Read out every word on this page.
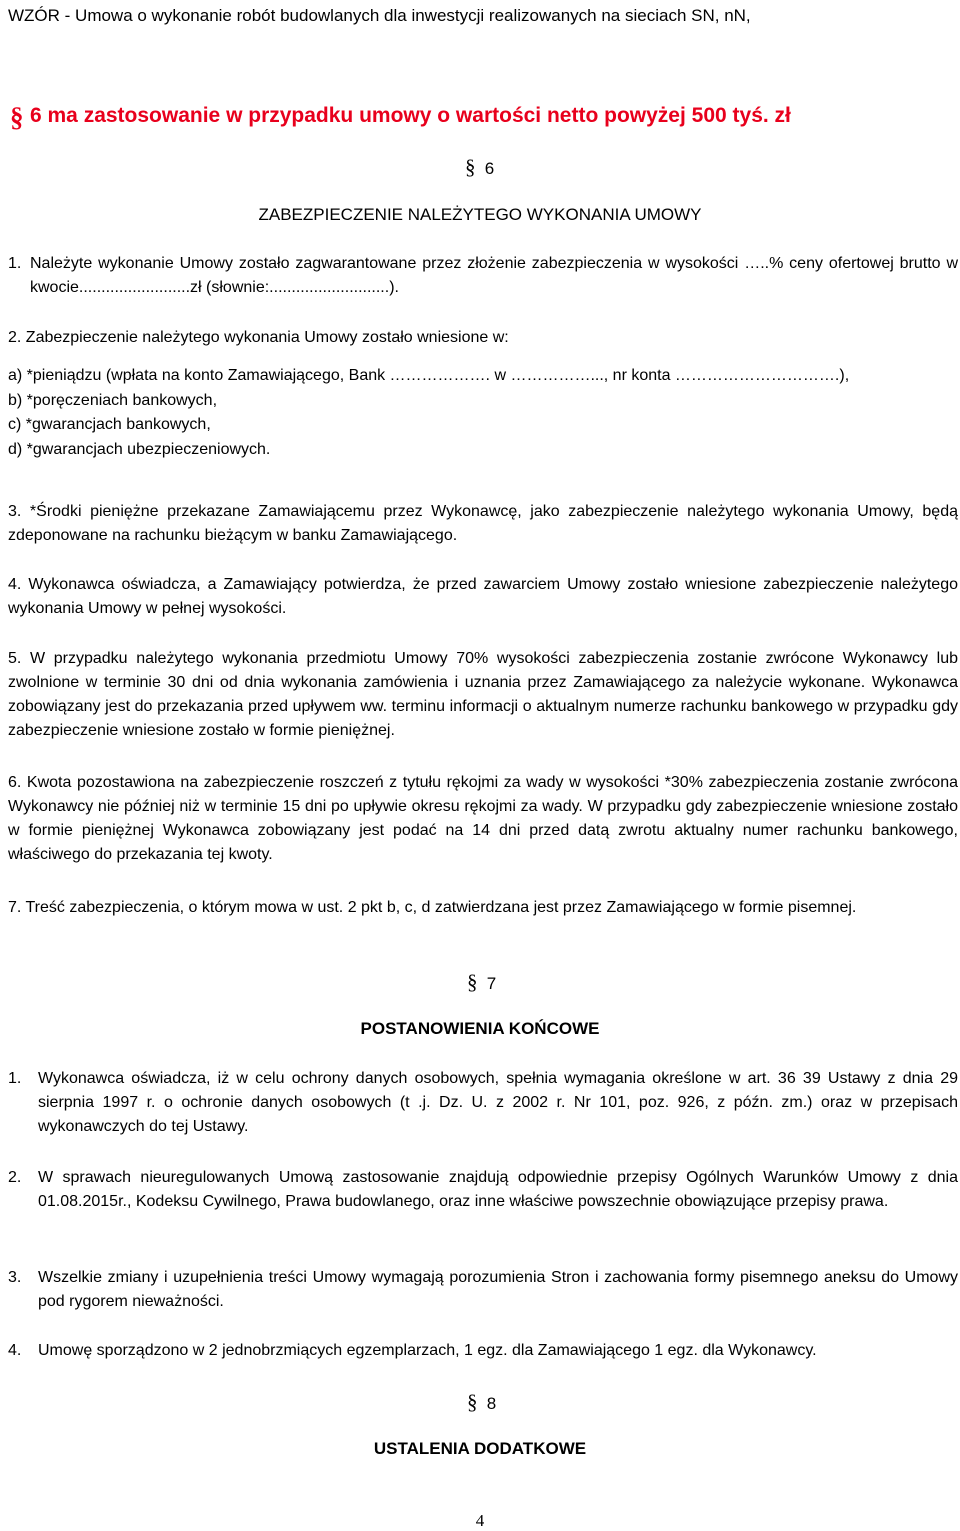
WZÓR - Umowa o wykonanie robót budowlanych dla inwestycji realizowanych na sieciach SN, nN,
§ 6 ma zastosowanie w przypadku umowy o wartości netto powyżej 500 tyś. zł
§ 6
ZABEZPIECZENIE NALEŻYTEGO WYKONANIA UMOWY
1. Należyte wykonanie Umowy zostało zagwarantowane przez złożenie zabezpieczenia w wysokości …..% ceny ofertowej brutto w kwocie.........................zł (słownie:...........................).
2. Zabezpieczenie należytego wykonania Umowy zostało wniesione w:
a) *pieniądzu (wpłata na konto Zamawiającego, Bank ………………. w ……………..., nr konta ………………………….),
b) *poręczeniach bankowych,
c) *gwarancjach bankowych,
d) *gwarancjach ubezpieczeniowych.
3. *Środki pieniężne przekazane Zamawiającemu przez Wykonawcę, jako zabezpieczenie należytego wykonania Umowy, będą zdeponowane na rachunku bieżącym w banku Zamawiającego.
4. Wykonawca oświadcza, a Zamawiający potwierdza, że przed zawarciem Umowy zostało wniesione zabezpieczenie należytego wykonania Umowy w pełnej wysokości.
5. W przypadku należytego wykonania przedmiotu Umowy 70% wysokości zabezpieczenia zostanie zwrócone Wykonawcy lub zwolnione w terminie 30 dni od dnia wykonania zamówienia i uznania przez Zamawiającego za należycie wykonane. Wykonawca zobowiązany jest do przekazania przed upływem ww. terminu informacji o aktualnym numerze rachunku bankowego w przypadku gdy zabezpieczenie wniesione zostało w formie pieniężnej.
6. Kwota pozostawiona na zabezpieczenie roszczeń z tytułu rękojmi za wady w wysokości *30% zabezpieczenia zostanie zwrócona Wykonawcy nie później niż w terminie 15 dni po upływie okresu rękojmi za wady. W przypadku gdy zabezpieczenie wniesione zostało w formie pieniężnej Wykonawca zobowiązany jest podać na 14 dni przed datą zwrotu aktualny numer rachunku bankowego, właściwego do przekazania tej kwoty.
7. Treść zabezpieczenia, o którym mowa w ust. 2 pkt b, c, d zatwierdzana jest przez Zamawiającego w formie pisemnej.
§ 7
POSTANOWIENIA KOŃCOWE
1.	Wykonawca oświadcza, iż w celu ochrony danych osobowych, spełnia wymagania określone w art. 36 39 Ustawy z dnia 29 sierpnia 1997 r. o ochronie danych osobowych (t .j. Dz. U. z 2002 r. Nr 101, poz. 926, z późn. zm.) oraz w przepisach wykonawczych do tej Ustawy.
2.	W sprawach nieuregulowanych Umową zastosowanie znajdują odpowiednie przepisy Ogólnych Warunków Umowy z dnia 01.08.2015r., Kodeksu Cywilnego, Prawa budowlanego, oraz inne właściwe powszechnie obowiązujące przepisy prawa.
3.	Wszelkie zmiany i uzupełnienia treści Umowy wymagają porozumienia Stron i zachowania formy pisemnego aneksu do Umowy pod rygorem nieważności.
4.	Umowę sporządzono w 2 jednobrzmiących egzemplarzach, 1 egz. dla Zamawiającego 1 egz. dla Wykonawcy.
§ 8
USTALENIA DODATKOWE
4
